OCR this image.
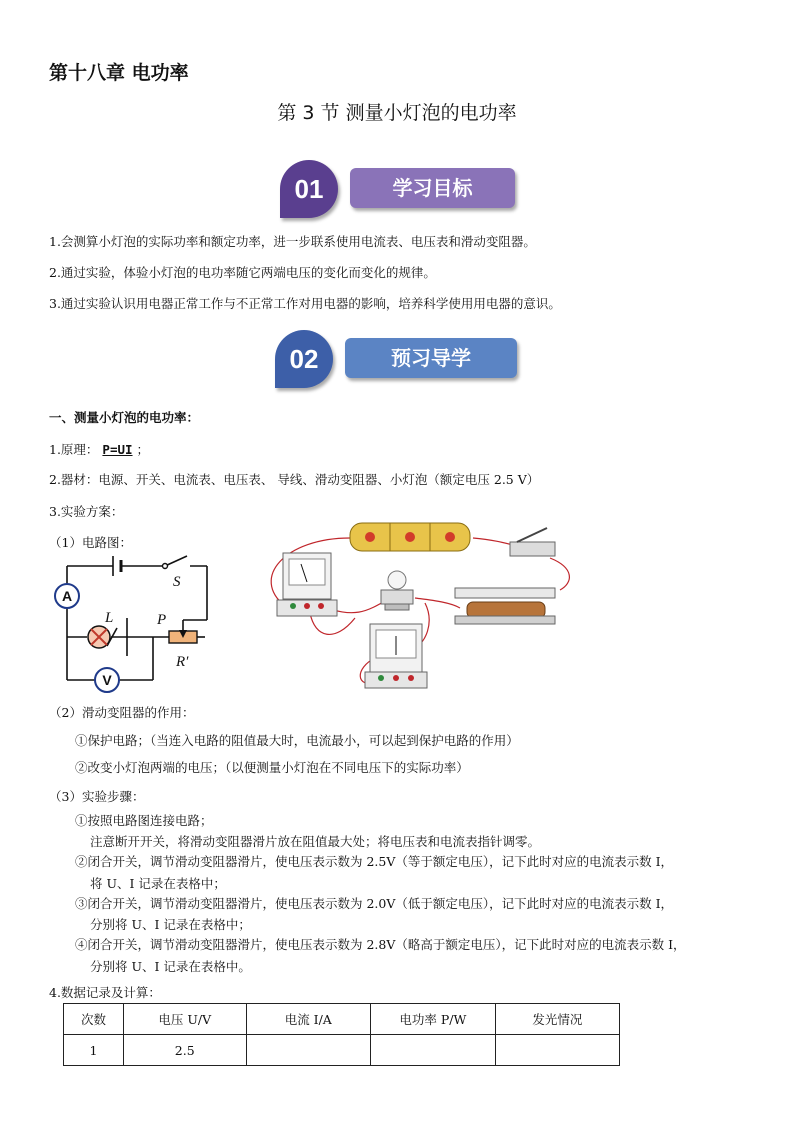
第十八章 电功率
第 3 节 测量小灯泡的电功率
01	学习目标
1.会测算小灯泡的实际功率和额定功率，进一步联系使用电流表、电压表和滑动变阻器。
2.通过实验，体验小灯泡的电功率随它两端电压的变化而变化的规律。
3.通过实验认识用电器正常工作与不正常工作对用电器的影响，培养科学使用用电器的意识。
02	预习导学
一、测量小灯泡的电功率：
1.原理： P=UI ；
2.器材：电源、开关、电流表、电压表、 导线、滑动变阻器、小灯泡（额定电压 2.5 V）
3.实验方案：
（1）电路图：
A
V
L
S
P
R′
（2）滑动变阻器的作用：
①保护电路；（当连入电路的阻值最大时，电流最小，可以起到保护电路的作用）
②改变小灯泡两端的电压；（以便测量小灯泡在不同电压下的实际功率）
（3）实验步骤：
①按照电路图连接电路；
注意断开开关，将滑动变阻器滑片放在阻值最大处；将电压表和电流表指针调零。
②闭合开关，调节滑动变阻器滑片，使电压表示数为 2.5V（等于额定电压），记下此时对应的电流表示数 I，
将 U、I 记录在表格中；
③闭合开关，调节滑动变阻器滑片，使电压表示数为 2.0V（低于额定电压），记下此时对应的电流表示数 I，
分别将 U、I 记录在表格中；
④闭合开关，调节滑动变阻器滑片，使电压表示数为 2.8V（略高于额定电压），记下此时对应的电流表示数 I，
分别将 U、I 记录在表格中。
4.数据记录及计算：
次数	电压 U/V	电流 I/A	电功率 P/W	发光情况
1	2.5			
